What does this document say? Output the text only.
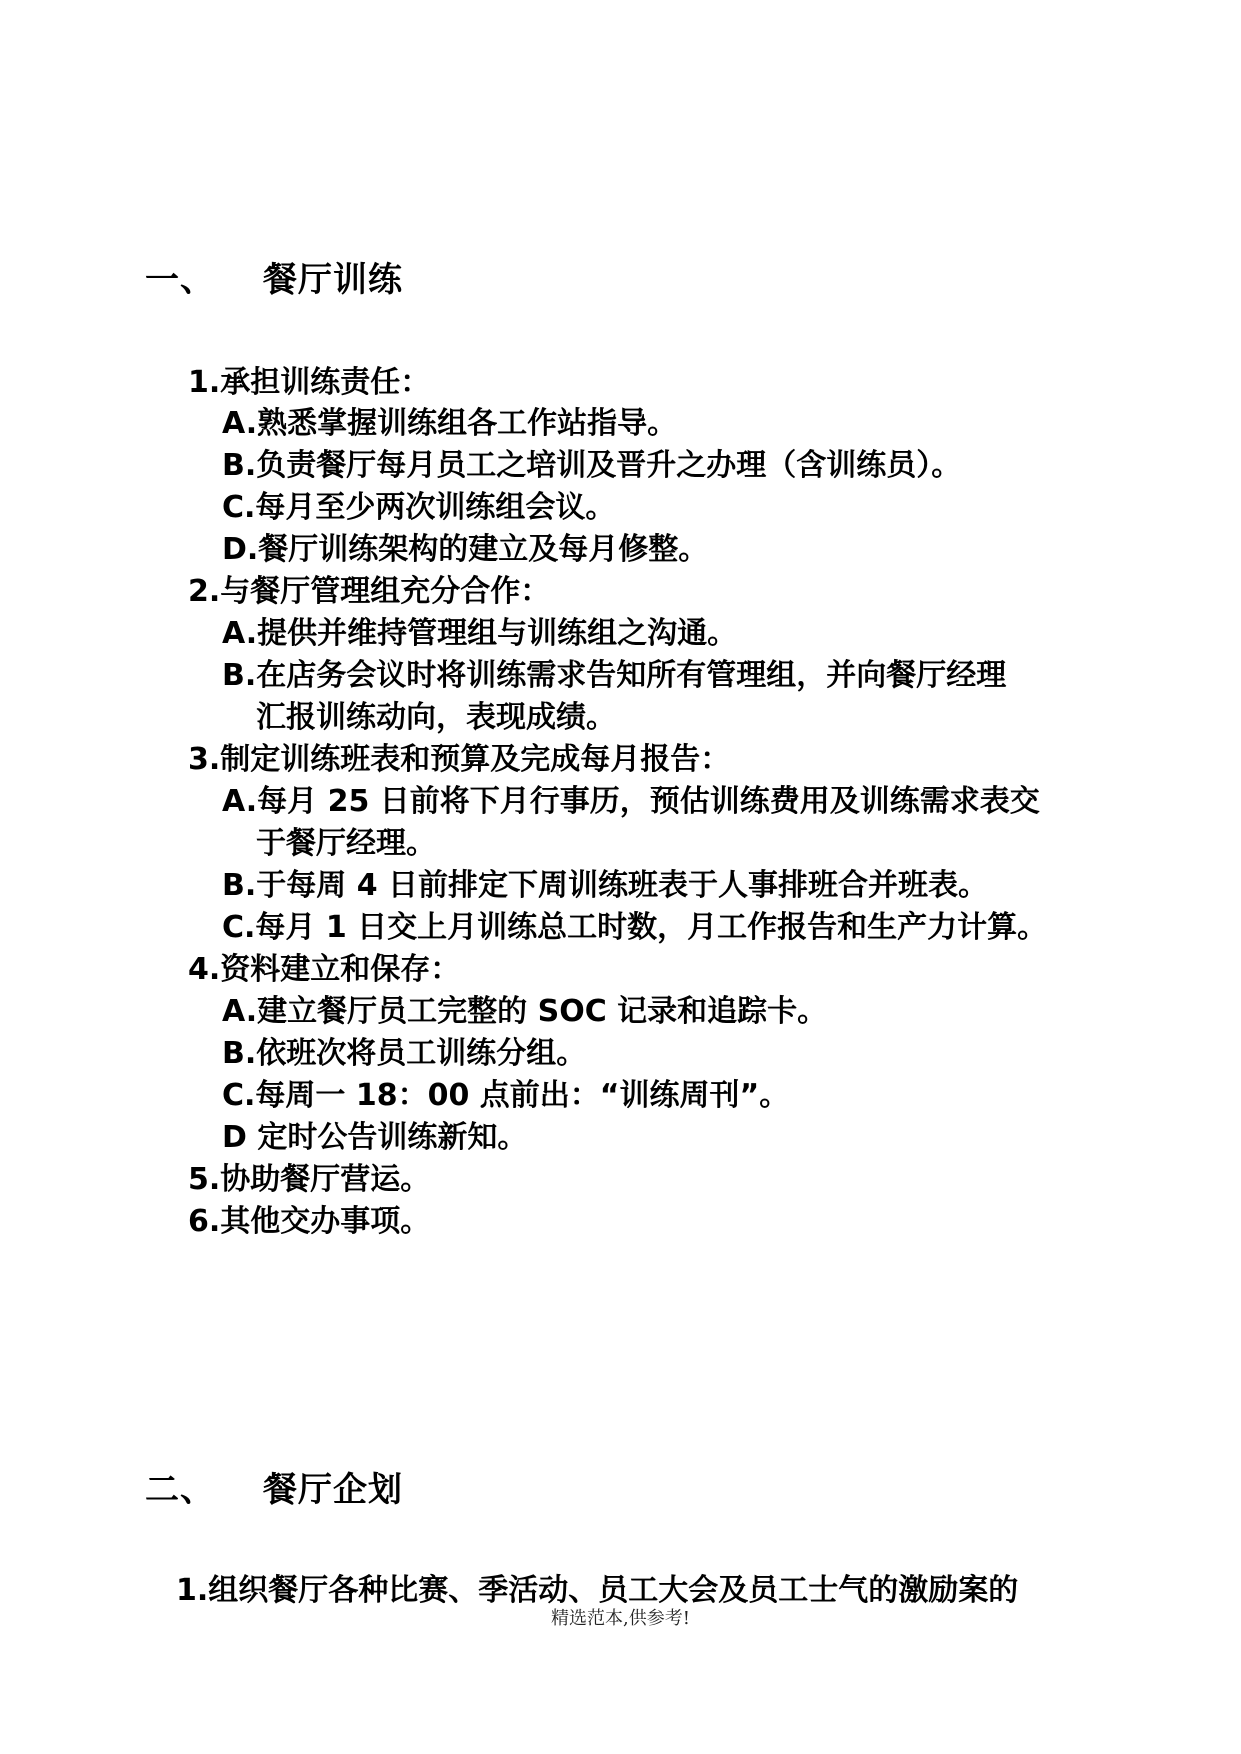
一、 餐厅训练
1.承担训练责任：
A.熟悉掌握训练组各工作站指导。
B.负责餐厅每月员工之培训及晋升之办理（含训练员）。
C.每月至少两次训练组会议。
D.餐厅训练架构的建立及每月修整。
2.与餐厅管理组充分合作：
A.提供并维持管理组与训练组之沟通。
B.在店务会议时将训练需求告知所有管理组，并向餐厅经理
汇报训练动向，表现成绩。
3.制定训练班表和预算及完成每月报告：
A.每月 25 日前将下月行事历，预估训练费用及训练需求表交
于餐厅经理。
B.于每周 4 日前排定下周训练班表于人事排班合并班表。
C.每月 1 日交上月训练总工时数，月工作报告和生产力计算。
4.资料建立和保存：
A.建立餐厅员工完整的 SOC 记录和追踪卡。
B.依班次将员工训练分组。
C.每周一 18：00 点前出：“训练周刊”。
D 定时公告训练新知。
5.协助餐厅营运。
6.其他交办事项。
二、 餐厅企划
1.组织餐厅各种比赛、季活动、员工大会及员工士气的激励案的
精选范本,供参考!
